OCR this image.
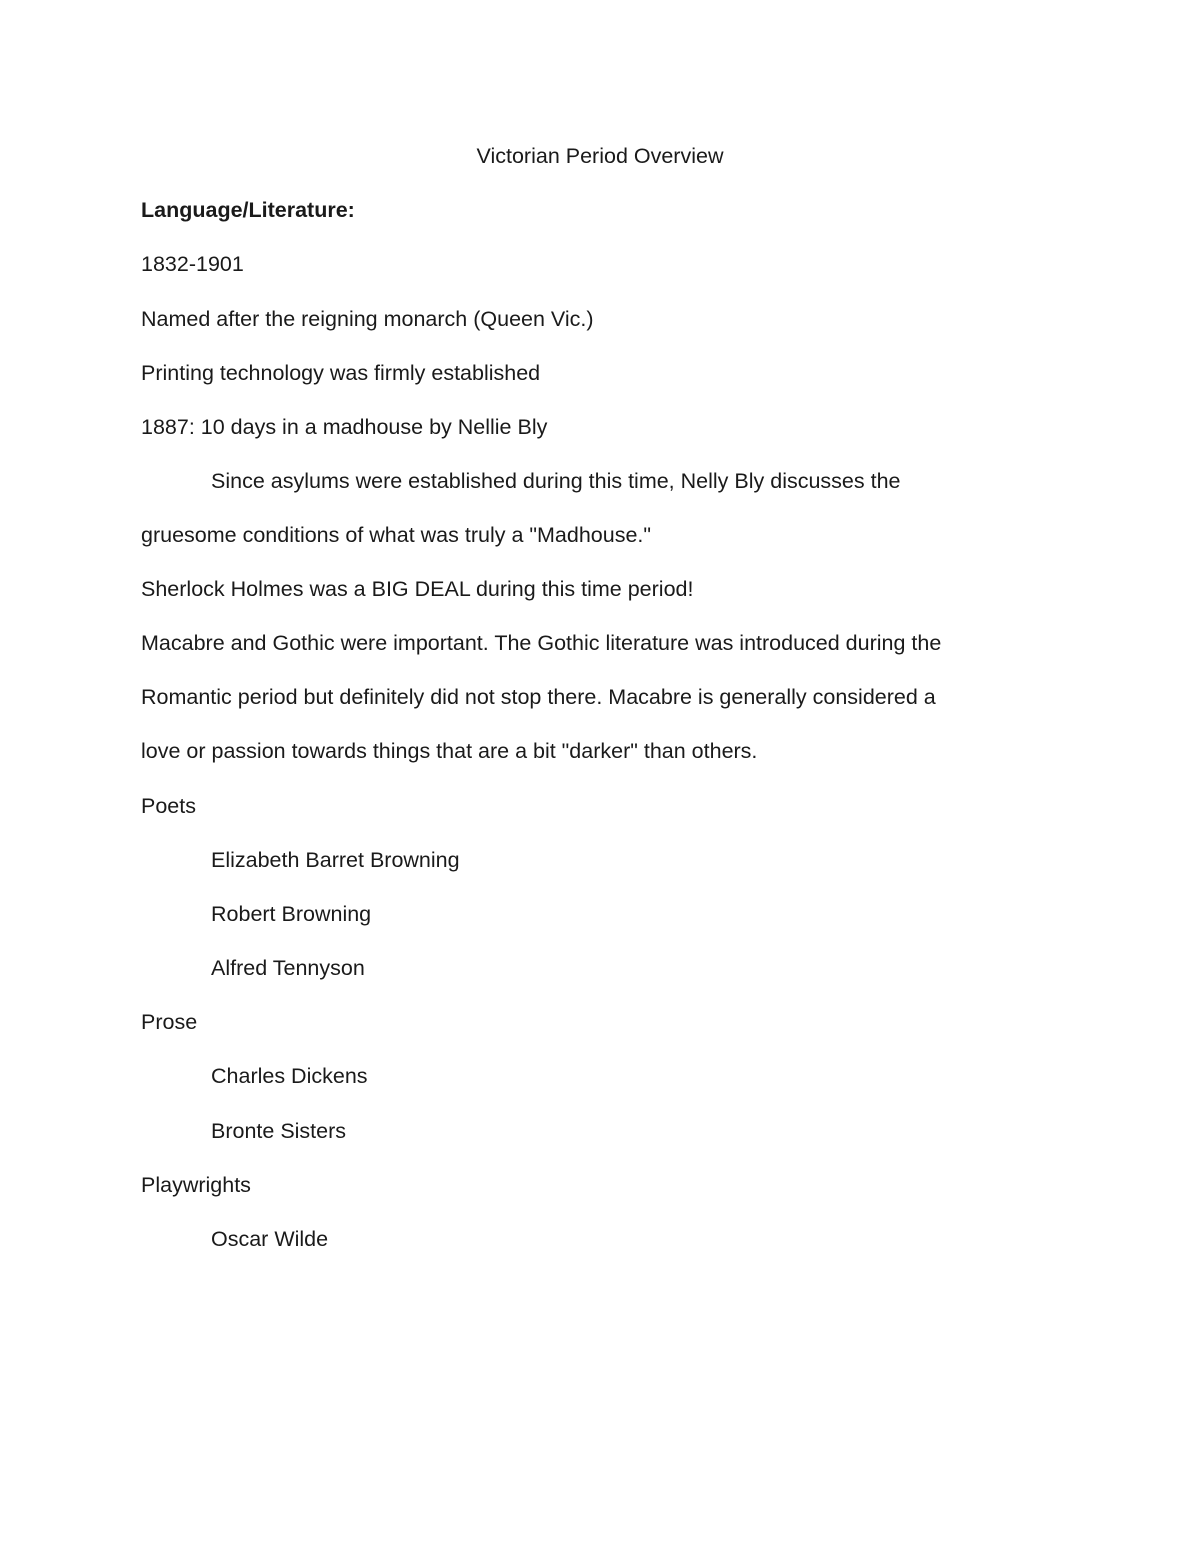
Victorian Period Overview

Language/Literature:

1832-1901

Named after the reigning monarch (Queen Vic.)

Printing technology was firmly established

1887: 10 days in a madhouse by Nellie Bly

Since asylums were established during this time, Nelly Bly discusses the

gruesome conditions of what was truly a "Madhouse."

Sherlock Holmes was a BIG DEAL during this time period!

Macabre and Gothic were important. The Gothic literature was introduced during the

Romantic period but definitely did not stop there. Macabre is generally considered a

love or passion towards things that are a bit "darker" than others.

Poets

Elizabeth Barret Browning

Robert Browning

Alfred Tennyson

Prose

Charles Dickens

Bronte Sisters

Playwrights

Oscar Wilde
